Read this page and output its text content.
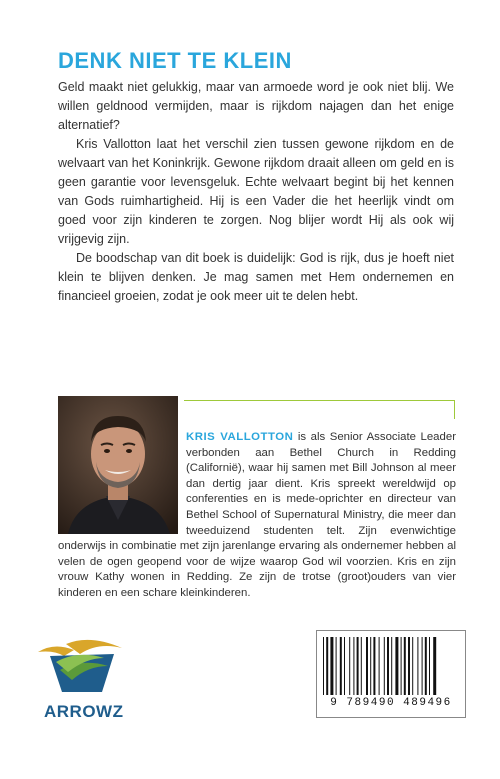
DENK NIET TE KLEIN

Geld maakt niet gelukkig, maar van armoede word je ook niet blij. We willen geldnood vermijden, maar is rijkdom najagen dan het enige alternatief?

Kris Vallotton laat het verschil zien tussen gewone rijkdom en de welvaart van het Koninkrijk. Gewone rijkdom draait alleen om geld en is geen garantie voor levensgeluk. Echte welvaart begint bij het kennen van Gods ruimhartigheid. Hij is een Vader die het heerlijk vindt om goed voor zijn kinderen te zorgen. Nog blijer wordt Hij als ook wij vrijgevig zijn.

De boodschap van dit boek is duidelijk: God is rijk, dus je hoeft niet klein te blijven denken. Je mag samen met Hem ondernemen en financieel groeien, zodat je ook meer uit te delen hebt.

KRIS VALLOTTON is als Senior Associate Leader verbonden aan Bethel Church in Redding (Californië), waar hij samen met Bill Johnson al meer dan dertig jaar dient. Kris spreekt wereldwijd op conferenties en is mede-oprichter en directeur van Bethel School of Supernatural Ministry, die meer dan tweeduizend studenten telt. Zijn evenwichtige onderwijs in combinatie met zijn jarenlange ervaring als ondernemer hebben al velen de ogen geopend voor de wijze waarop God wil voorzien. Kris en zijn vrouw Kathy wonen in Redding. Ze zijn de trotse (groot)ouders van vier kinderen en een schare kleinkinderen.
ARROWZ	9 789490 489496
